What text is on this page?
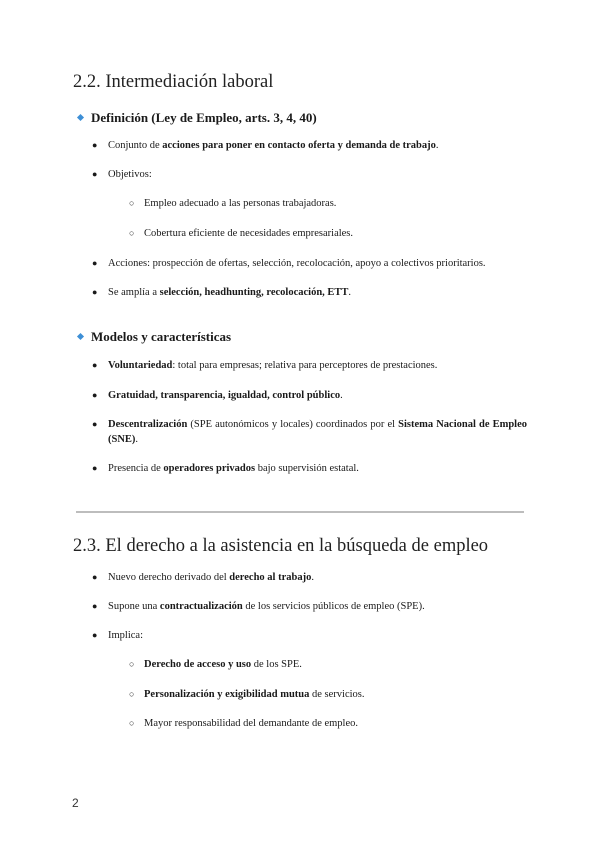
2.2. Intermediación laboral
Definición (Ley de Empleo, arts. 3, 4, 40)
● Conjunto de acciones para poner en contacto oferta y demanda de trabajo.
● Objetivos:
○ Empleo adecuado a las personas trabajadoras.
○ Cobertura eficiente de necesidades empresariales.
● Acciones: prospección de ofertas, selección, recolocación, apoyo a colectivos prioritarios.
● Se amplía a selección, headhunting, recolocación, ETT.
Modelos y características
● Voluntariedad: total para empresas; relativa para perceptores de prestaciones.
● Gratuidad, transparencia, igualdad, control público.
●	Descentralización (SPE autonómicos y locales) coordinados por el Sistema Nacional de Empleo (SNE).
● Presencia de operadores privados bajo supervisión estatal.
2.3. El derecho a la asistencia en la búsqueda de empleo
● Nuevo derecho derivado del derecho al trabajo.
● Supone una contractualización de los servicios públicos de empleo (SPE).
● Implica:
○ Derecho de acceso y uso de los SPE.
○ Personalización y exigibilidad mutua de servicios.
○ Mayor responsabilidad del demandante de empleo.
2
